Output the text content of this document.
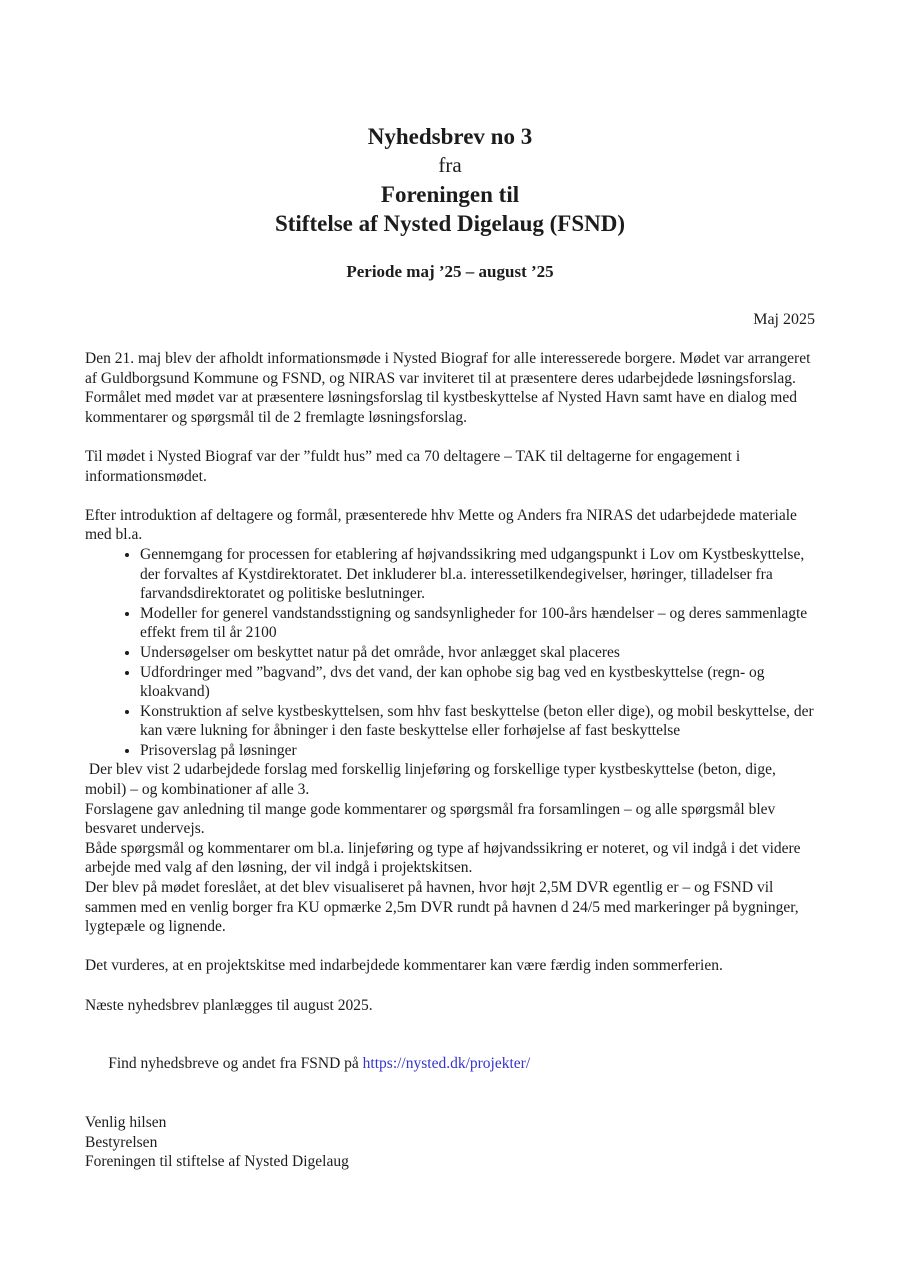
Nyhedsbrev no 3
fra
Foreningen til
Stiftelse af Nysted Digelaug (FSND)
Periode maj ’25 – august ’25
Maj 2025

Den 21. maj blev der afholdt informationsmøde i Nysted Biograf for alle interesserede borgere. Mødet var arrangeret af Guldborgsund Kommune og FSND, og NIRAS var inviteret til at præsentere deres udarbejdede løsningsforslag.

Formålet med mødet var at præsentere løsningsforslag til kystbeskyttelse af Nysted Havn samt have en dialog med kommentarer og spørgsmål til de 2 fremlagte løsningsforslag.

Til mødet i Nysted Biograf var der ”fuldt hus” med ca 70 deltagere – TAK til deltagerne for engagement i informationsmødet.

Efter introduktion af deltagere og formål, præsenterede hhv Mette og Anders fra NIRAS det udarbejdede materiale med bl.a.

• Gennemgang for processen for etablering af højvandssikring med udgangspunkt i Lov om Kystbeskyttelse, der forvaltes af Kystdirektoratet. Det inkluderer bl.a. interessetilkendegivelser, høringer, tilladelser fra farvandsdirektoratet og politiske beslutninger.
• Modeller for generel vandstandsstigning og sandsynligheder for 100-års hændelser – og deres sammenlagte effekt frem til år 2100
• Undersøgelser om beskyttet natur på det område, hvor anlægget skal placeres
• Udfordringer med ”bagvand”, dvs det vand, der kan ophobe sig bag ved en kystbeskyttelse (regn- og kloakvand)
• Konstruktion af selve kystbeskyttelsen, som hhv fast beskyttelse (beton eller dige), og mobil beskyttelse, der kan være lukning for åbninger i den faste beskyttelse eller forhøjelse af fast beskyttelse
• Prisoverslag på løsninger

Der blev vist 2 udarbejdede forslag med forskellig linjeføring og forskellige typer kystbeskyttelse (beton, dige, mobil) – og kombinationer af alle 3.

Forslagene gav anledning til mange gode kommentarer og spørgsmål fra forsamlingen – og alle spørgsmål blev besvaret undervejs.

Både spørgsmål og kommentarer om bl.a. linjeføring og type af højvandssikring er noteret, og vil indgå i det videre arbejde med valg af den løsning, der vil indgå i projektskitsen.

Der blev på mødet foreslået, at det blev visualiseret på havnen, hvor højt 2,5M DVR egentlig er – og FSND vil sammen med en venlig borger fra KU opmærke 2,5m DVR rundt på havnen d 24/5 med markeringer på bygninger, lygtepæle og lignende.

Det vurderes, at en projektskitse med indarbejdede kommentarer kan være færdig inden sommerferien.

Næste nyhedsbrev planlægges til august 2025.

Find nyhedsbreve og andet fra FSND på https://nysted.dk/projekter/

Venlig hilsen

Bestyrelsen

Foreningen til stiftelse af Nysted Digelaug
